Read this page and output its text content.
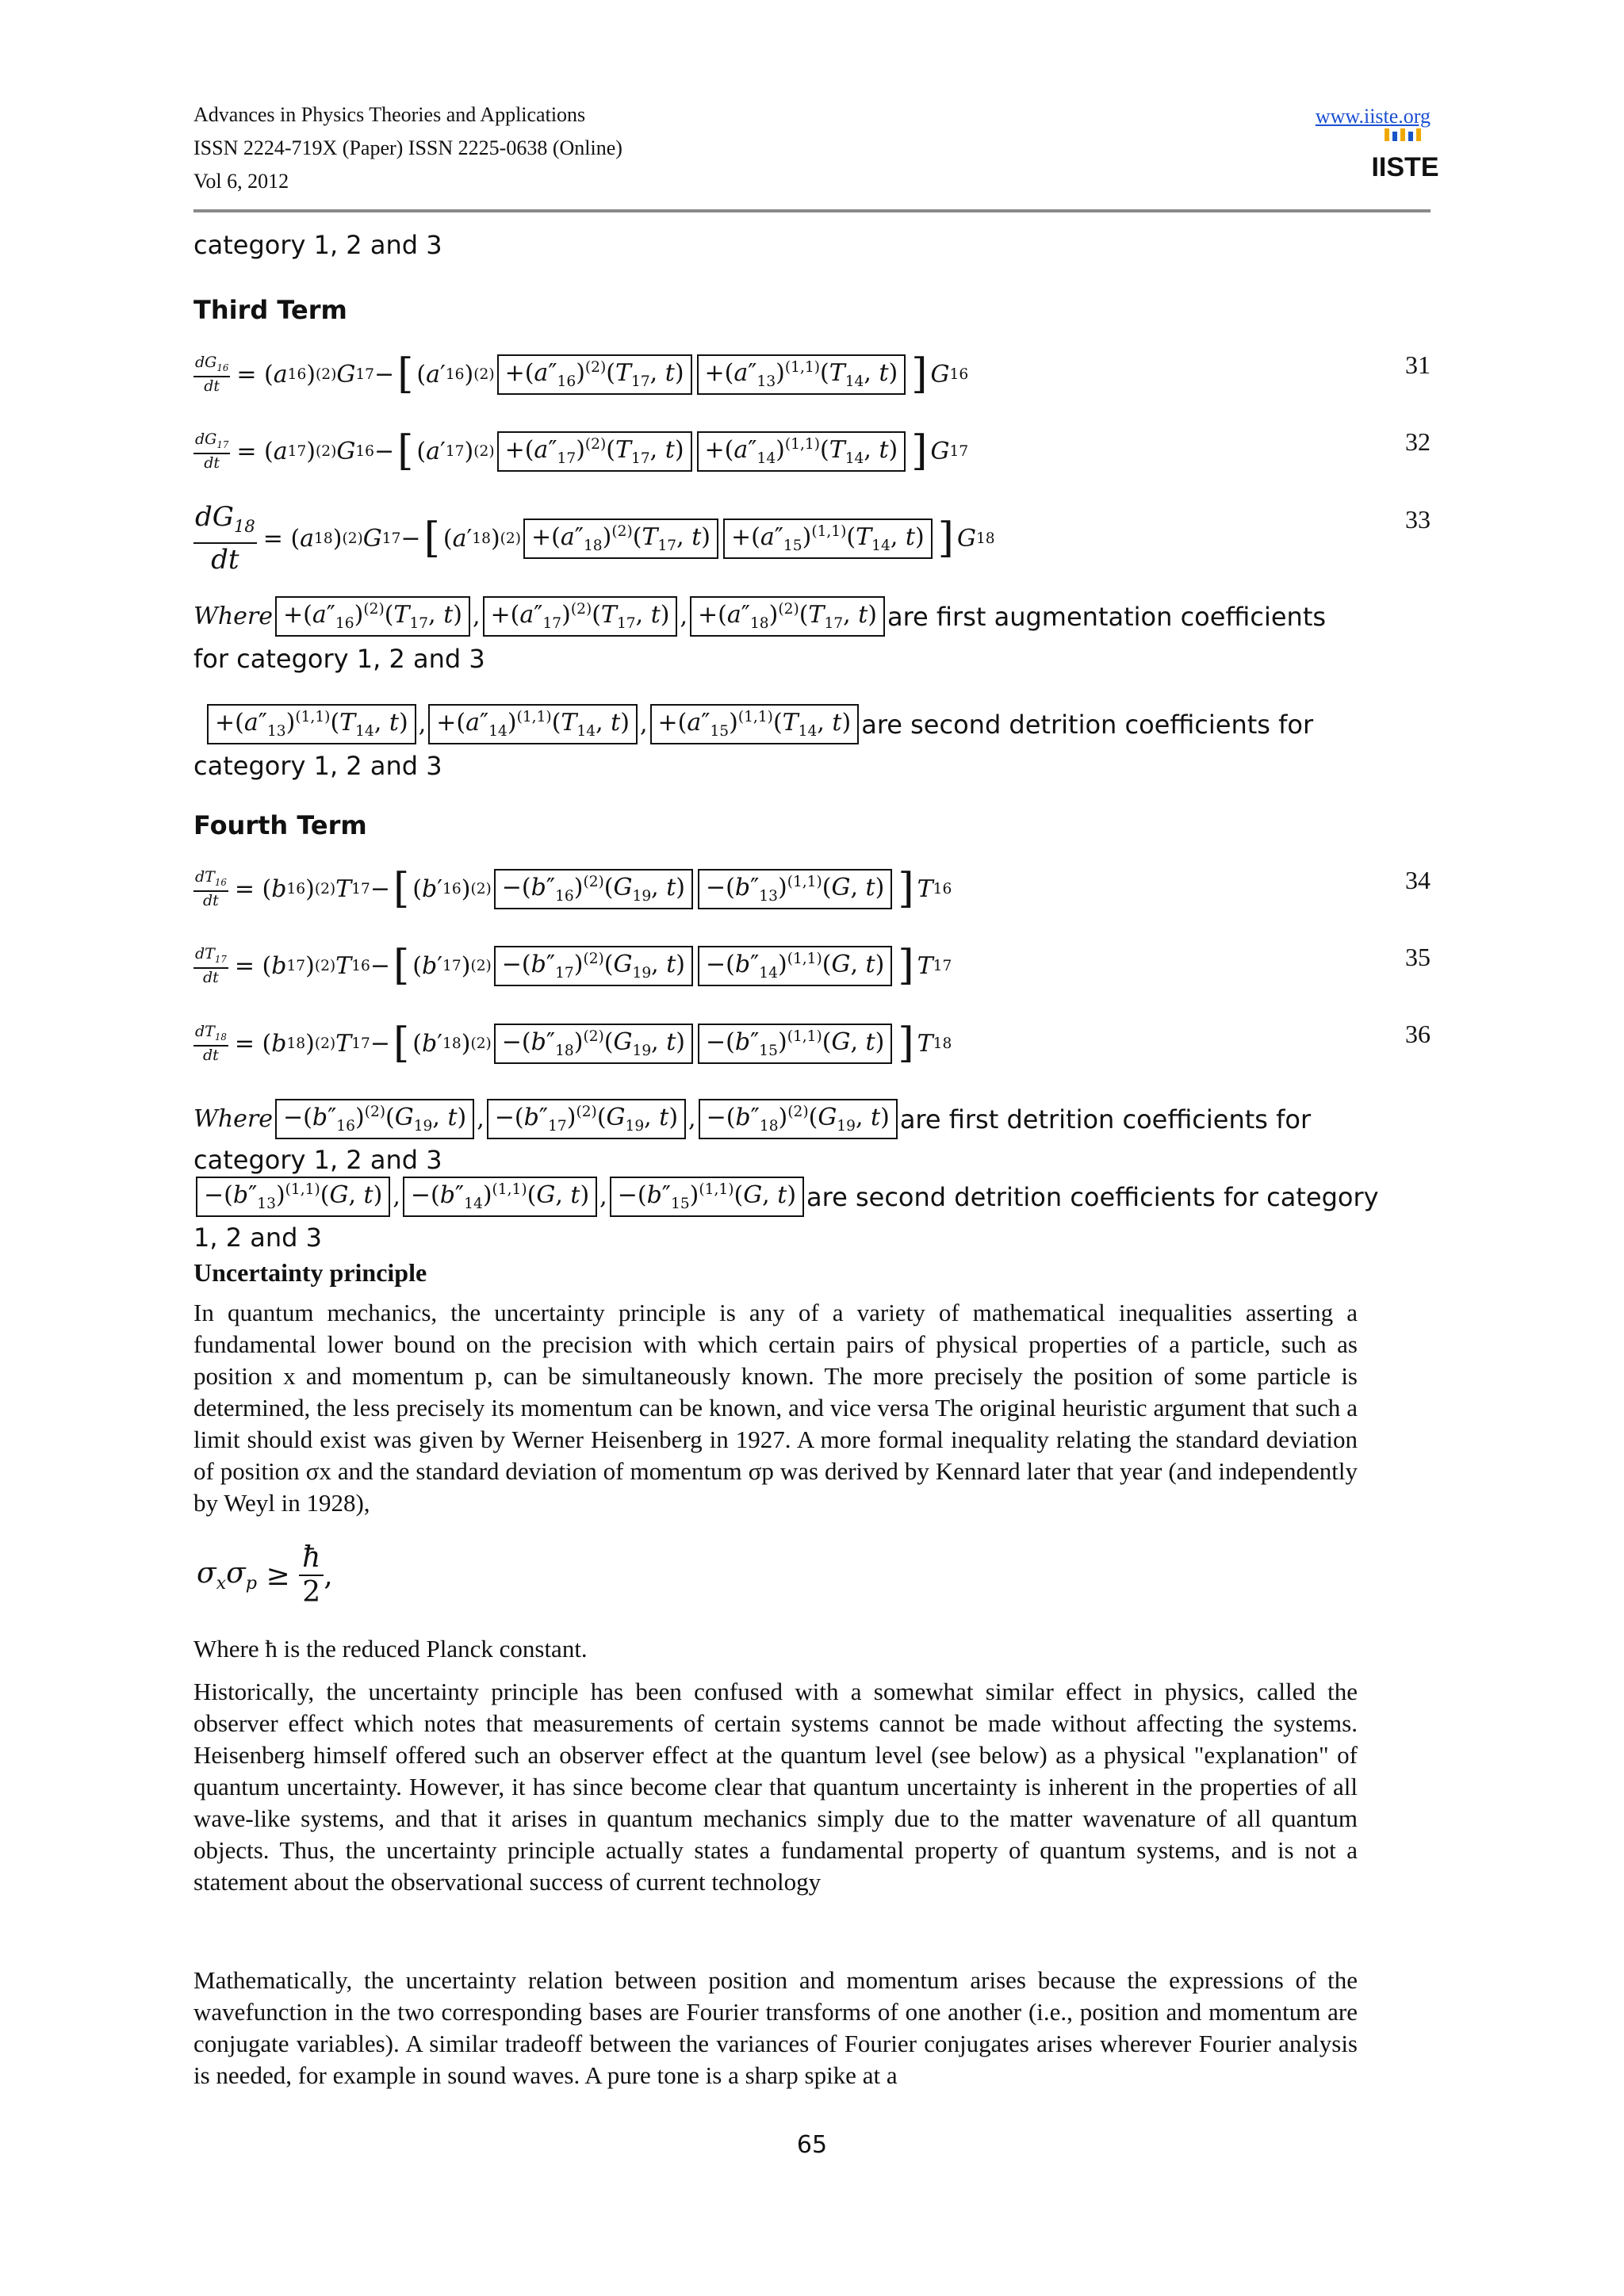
Advances in Physics Theories and Applications
ISSN 2224-719X (Paper) ISSN 2225-0638 (Online)
Vol 6, 2012
www.iiste.org
IISTE
category 1, 2 and 3
Third Term
$\frac{dG_{16}}{dt}$ = ( a 16 ) (2) G 17 − [ ( a ′ 16 ) $(2) +(a''_{16})^{(2)}(T_{17}$, $t) +(a''_{13})^{(1,1)}(T_{14}$, t) ] G 16	31
$\frac{dG_{17}}{dt}$ = ( a 17 ) (2) G 16 − [ ( a ′ 17 ) $(2) +(a''_{17})^{(2)}(T_{17}$, $t) +(a''_{14})^{(1,1)}(T_{14}$, t) ] G 17	32
$\frac{dG_{18}}{dt}$ = ( a 18 ) (2) G 17 − [ ( a ′ 18 ) $(2) +(a''_{18})^{(2)}(T_{17}$, $t) +(a''_{15})^{(1,1)}(T_{14}$, t) ] G 18
33
Where $+(a''_{16})^{(2)}(T_{17}$, t) , $+(a''_{17})^{(2)}(T_{17}$, t) , $+(a''_{18})^{(2)}(T_{17}$, t) are first augmentation coefficients
for category 1, 2 and 3
$+(a''_{13})^{(1,1)}(T_{14}$, t) , $+(a''_{14})^{(1,1)}(T_{14}$, t) , $+(a''_{15})^{(1,1)}(T_{14}$, t) are second detrition coefficients for
category 1, 2 and 3
Fourth Term
$\frac{dT_{16}}{dt}$ = ( b 16 ) (2) T 17 − [ ( b ′ 16 ) $(2) -(b''_{16})^{(2)}(G_{19}$, $t) -(b''_{13})^{(1,1)}(G$, t) ] T 16	34
$\frac{dT_{17}}{dt}$ = ( b 17 ) (2) T 16 − [ ( b ′ 17 ) $(2) -(b''_{17})^{(2)}(G_{19}$, $t) -(b''_{14})^{(1,1)}(G$, t) ] T 17	35
$\frac{dT_{18}}{dt}$ = ( b 18 ) (2) T 17 − [ ( b ′ 18 ) $(2) -(b''_{18})^{(2)}(G_{19}$, $t) -(b''_{15})^{(1,1)}(G$, t) ] T 18	36
Where $-(b''_{16})^{(2)}(G_{19}$, t) , $-(b''_{17})^{(2)}(G_{19}$, t) , $-(b''_{18})^{(2)}(G_{19}$, t) are first detrition coefficients for
category 1, 2 and 3
$-(b''_{13})^{(1,1)}(G$, t) , $-(b''_{14})^{(1,1)}(G$, t) , $-(b''_{15})^{(1,1)}(G$, t) are second detrition coefficients for category
1, 2 and 3
Uncertainty principle
In quantum mechanics, the uncertainty principle is any of a variety of mathematical inequalities asserting a fundamental lower bound on the precision with which certain pairs of physical properties of a particle, such as position x and momentum p, can be simultaneously known. The more precisely the position of some particle is determined, the less precisely its momentum can be known, and vice versa The original heuristic argument that such a limit should exist was given by Werner Heisenberg in 1927. A more formal inequality relating the standard deviation of position σx and the standard deviation of momentum σp was derived by Kennard later that year (and independently by Weyl in 1928),
$\sigma_x\sigma_p$ ≥
ħ
2
,
Where ħ is the reduced Planck constant.
Historically, the uncertainty principle has been confused with a somewhat similar effect in physics, called the observer effect which notes that measurements of certain systems cannot be made without affecting the systems. Heisenberg himself offered such an observer effect at the quantum level (see below) as a physical "explanation" of quantum uncertainty. However, it has since become clear that quantum uncertainty is inherent in the properties of all wave-like systems, and that it arises in quantum mechanics simply due to the matter wavenature of all quantum objects. Thus, the uncertainty principle actually states a fundamental property of quantum systems, and is not a statement about the observational success of current technology
Mathematically, the uncertainty relation between position and momentum arises because the expressions of the wavefunction in the two corresponding bases are Fourier transforms of one another (i.e., position and momentum are conjugate variables). A similar tradeoff between the variances of Fourier conjugates arises wherever Fourier analysis is needed, for example in sound waves. A pure tone is a sharp spike at a
65
